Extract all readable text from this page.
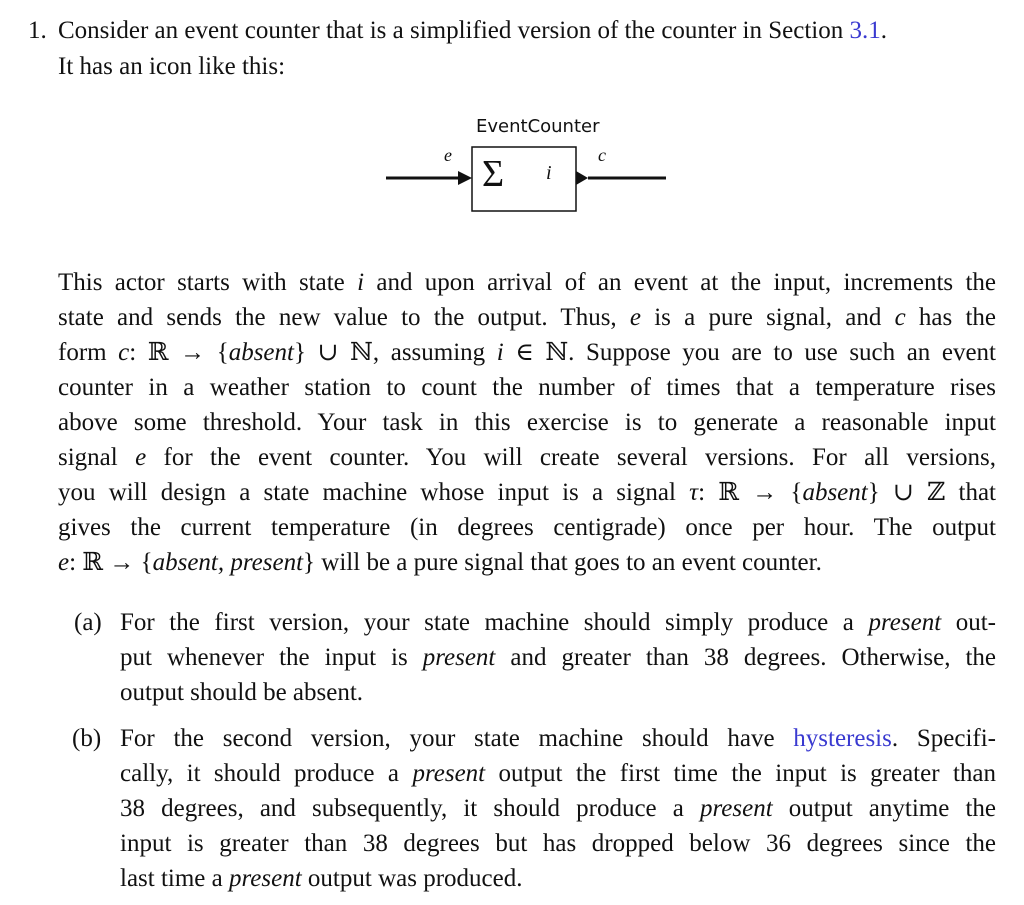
1. Consider an event counter that is a simplified version of the counter in Section 3.1.
It has an icon like this:
EventCounter
e	c
Σ i
This actor starts with state i and upon arrival of an event at the input, increments the
state and sends the new value to the output. Thus, e is a pure signal, and c has the
form c: ℝ → {absent} ∪ ℕ, assuming i ∈ ℕ. Suppose you are to use such an event
counter in a weather station to count the number of times that a temperature rises
above some threshold. Your task in this exercise is to generate a reasonable input
signal e for the event counter. You will create several versions. For all versions,
you will design a state machine whose input is a signal τ: ℝ → {absent} ∪ ℤ that
gives the current temperature (in degrees centigrade) once per hour. The output
e: ℝ → {absent, present} will be a pure signal that goes to an event counter.
(a) For the first version, your state machine should simply produce a present out-
put whenever the input is present and greater than 38 degrees. Otherwise, the
output should be absent.
(b) For the second version, your state machine should have hysteresis. Specifi-
cally, it should produce a present output the first time the input is greater than
38 degrees, and subsequently, it should produce a present output anytime the
input is greater than 38 degrees but has dropped below 36 degrees since the
last time a present output was produced.
